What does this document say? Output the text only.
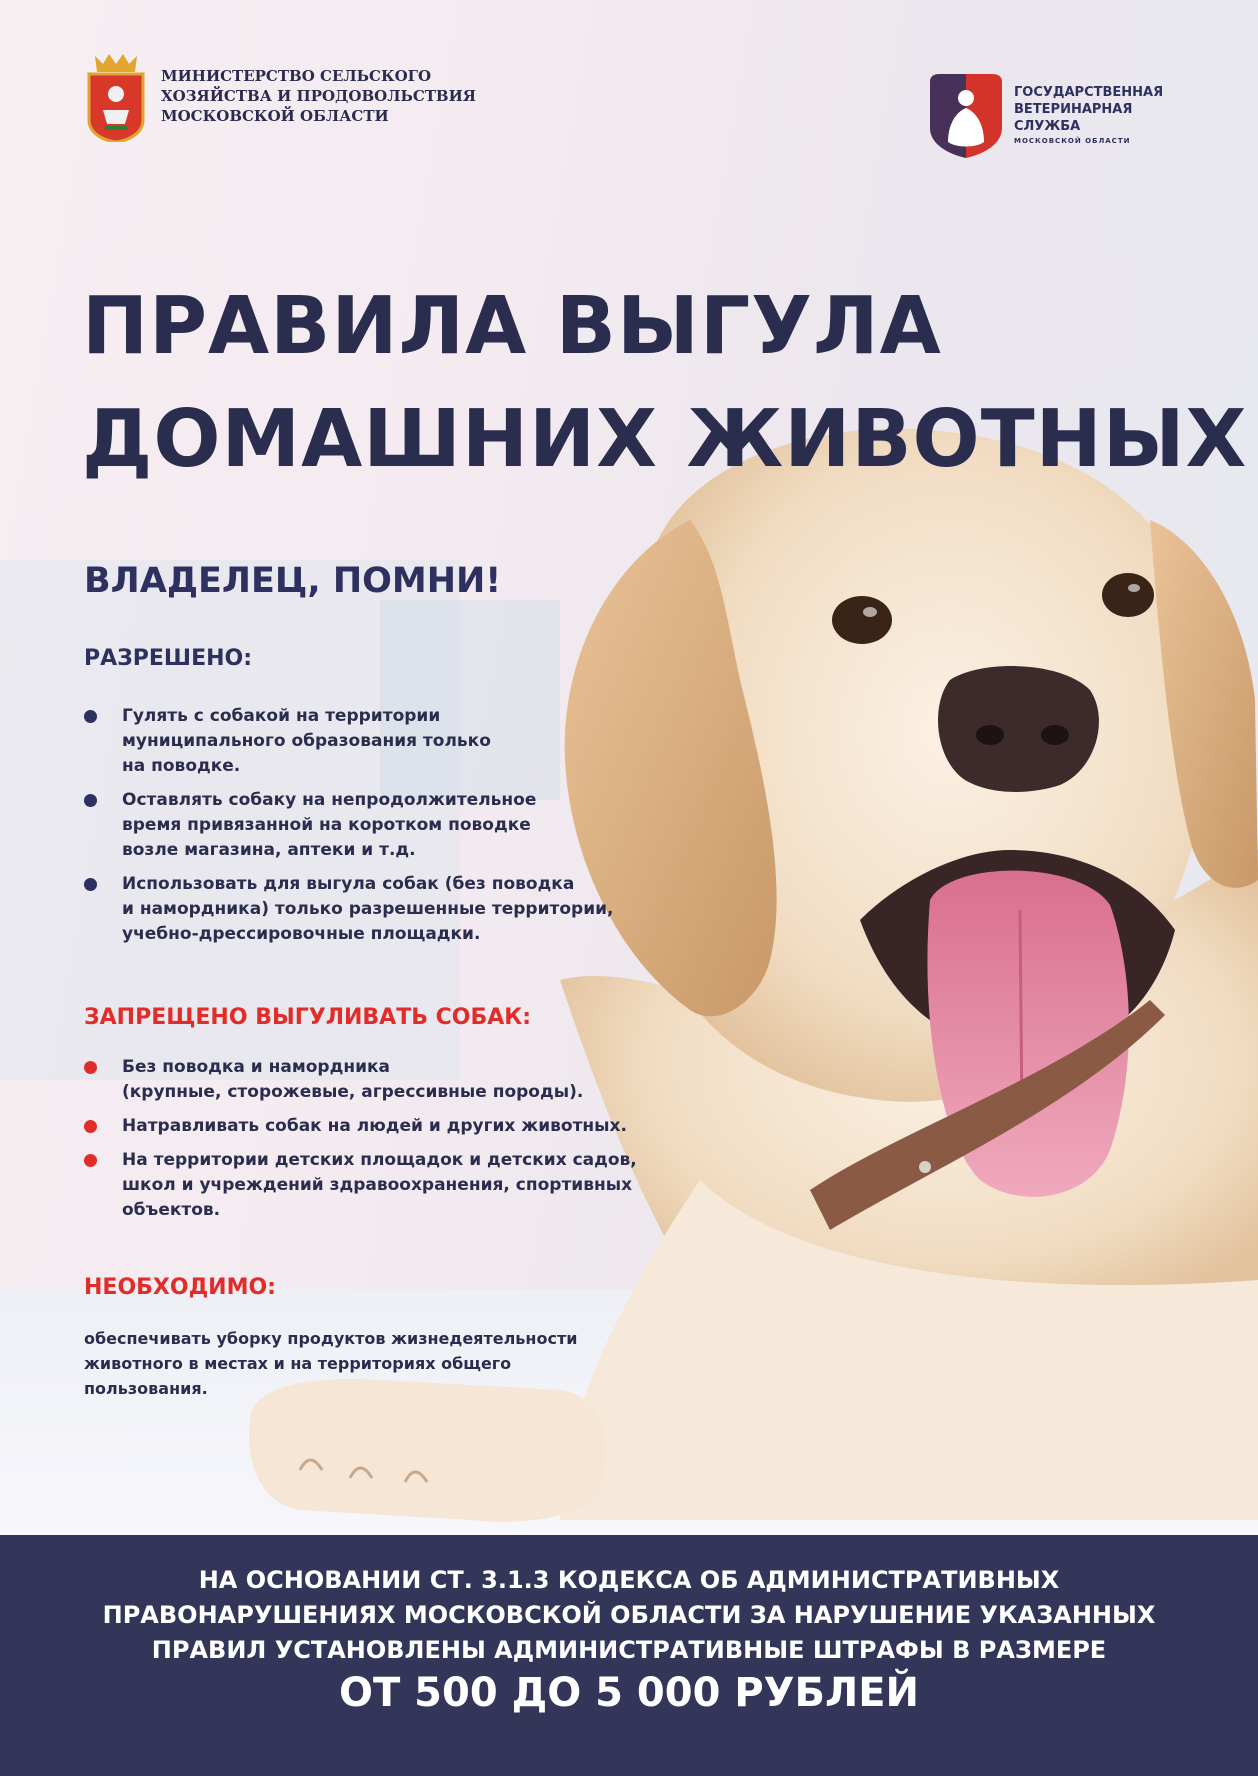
МИНИСТЕРСТВО СЕЛЬСКОГО
ХОЗЯЙСТВА И ПРОДОВОЛЬСТВИЯ
МОСКОВСКОЙ ОБЛАСТИ
ГОСУДАРСТВЕННАЯ
ВЕТЕРИНАРНАЯ
СЛУЖБА
МОСКОВСКОЙ ОБЛАСТИ
ПРАВИЛА ВЫГУЛА
ДОМАШНИХ ЖИВОТНЫХ
ВЛАДЕЛЕЦ, ПОМНИ!
РАЗРЕШЕНО:
Гулять с собакой на территории
муниципального образования только
на поводке.
Оставлять собаку на непродолжительное
время привязанной на коротком поводке
возле магазина, аптеки и т.д.
Использовать для выгула собак (без поводка
и намордника) только разрешенные территории,
учебно-дрессировочные площадки.
ЗАПРЕЩЕНО ВЫГУЛИВАТЬ СОБАК:
Без поводка и намордника
(крупные, сторожевые, агрессивные породы).
Натравливать собак на людей и других животных.
На территории детских площадок и детских садов,
школ и учреждений здравоохранения, спортивных
объектов.
НЕОБХОДИМО:
обеспечивать уборку продуктов жизнедеятельности
животного в местах и на территориях общего
пользования.
НА ОСНОВАНИИ СТ. 3.1.3 КОДЕКСА ОБ АДМИНИСТРАТИВНЫХ
ПРАВОНАРУШЕНИЯХ МОСКОВСКОЙ ОБЛАСТИ ЗА НАРУШЕНИЕ УКАЗАННЫХ
ПРАВИЛ УСТАНОВЛЕНЫ АДМИНИСТРАТИВНЫЕ ШТРАФЫ В РАЗМЕРЕ
ОТ 500 ДО 5 000 РУБЛЕЙ
